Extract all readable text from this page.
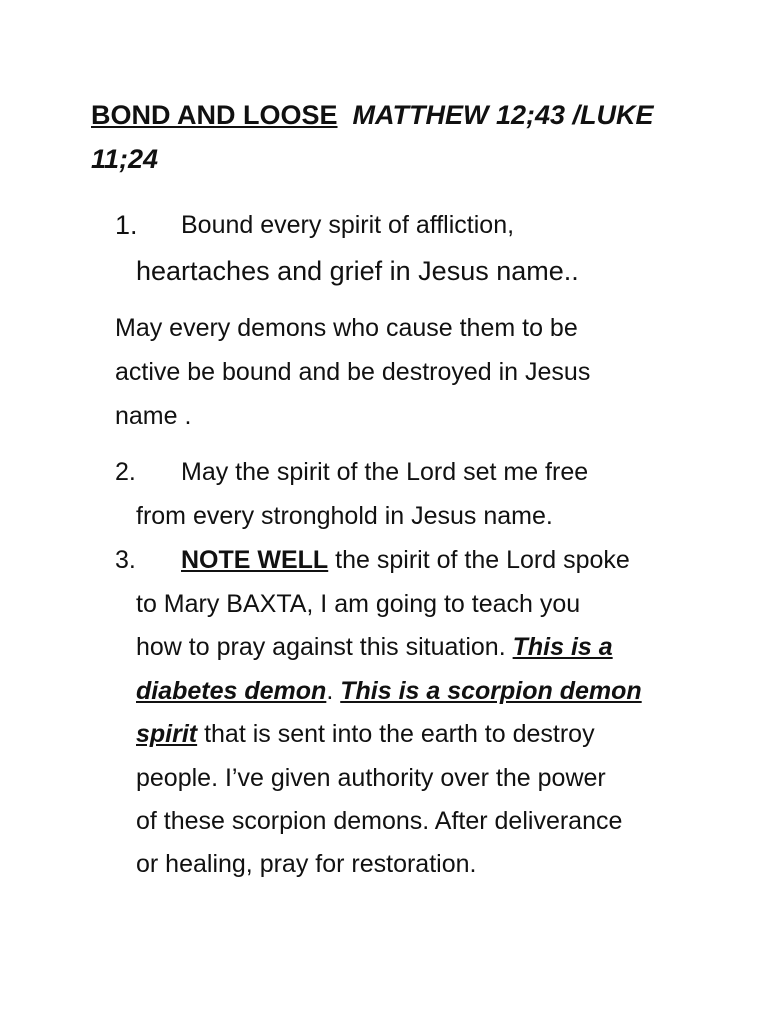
BOND AND LOOSE MATTHEW 12;43 /LUKE 11;24
1. Bound every spirit of affliction,
heartaches and grief in Jesus name..
May every demons who cause them to be
active be bound and be destroyed in Jesus
name .
2. May the spirit of the Lord set me free
from every stronghold in Jesus name.
3. NOTE WELL the spirit of the Lord spoke
to Mary BAXTA, I am going to teach you
how to pray against this situation. This is a
diabetes demon. This is a scorpion demon
spirit that is sent into the earth to destroy
people. I’ve given authority over the power
of these scorpion demons. After deliverance
or healing, pray for restoration.
